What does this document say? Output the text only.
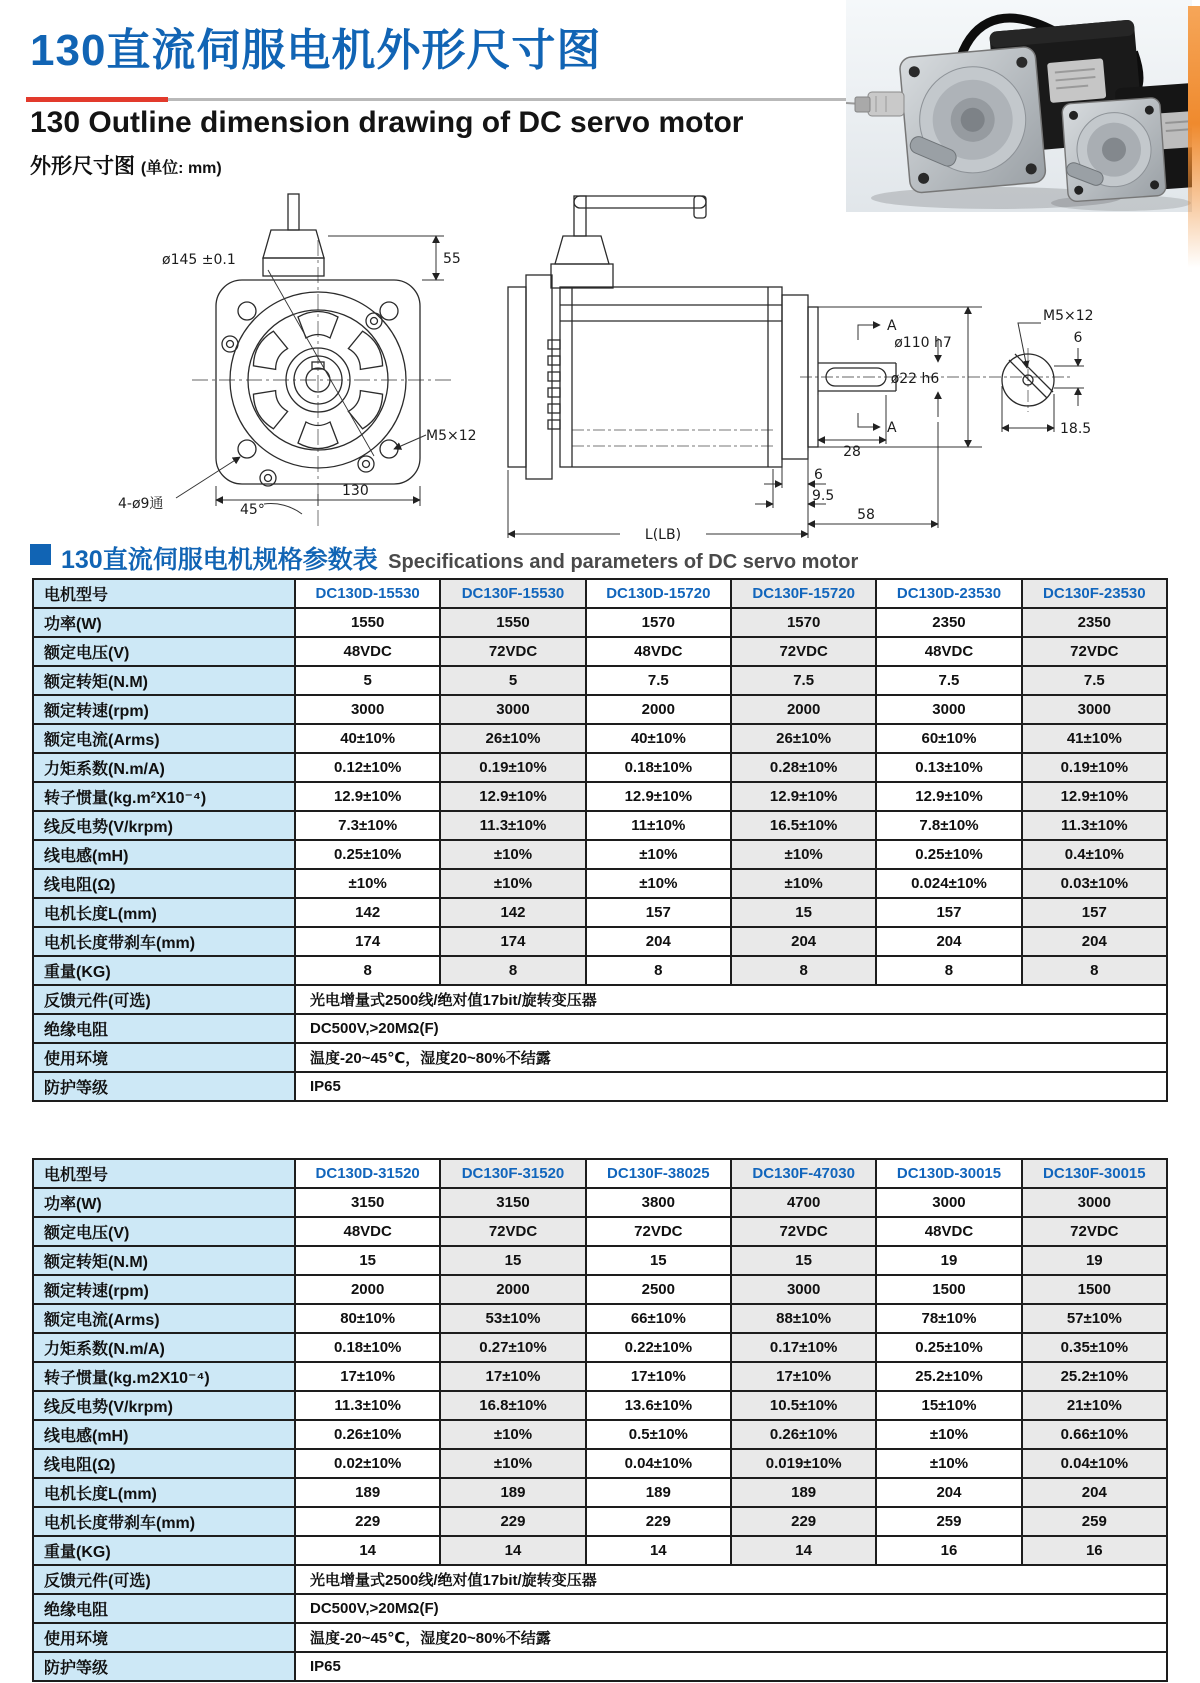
130直流伺服电机外形尺寸图
130 Outline dimension drawing of DC servo motor
外形尺寸图 (单位: mm)
55
ø145 ±0.1
4-ø9通	45°
130
M5×12
ø110 h7
A
A
ø22 h6
28
M5×12
6
18.5
6
9.5
58
L(LB)
130直流伺服电机规格参数表 Specifications and parameters of DC servo motor
电机型号	DC130D-15530	DC130F-15530	DC130D-15720	DC130F-15720	DC130D-23530	DC130F-23530
功率(W)	1550	1550	1570	1570	2350	2350
额定电压(V)	48VDC	72VDC	48VDC	72VDC	48VDC	72VDC
额定转矩(N.M)	5	5	7.5	7.5	7.5	7.5
额定转速(rpm)	3000	3000	2000	2000	3000	3000
额定电流(Arms)	40±10%	26±10%	40±10%	26±10%	60±10%	41±10%
力矩系数(N.m/A)	0.12±10%	0.19±10%	0.18±10%	0.28±10%	0.13±10%	0.19±10%
转子惯量(kg.m²X10⁻⁴)	12.9±10%	12.9±10%	12.9±10%	12.9±10%	12.9±10%	12.9±10%
线反电势(V/krpm)	7.3±10%	11.3±10%	11±10%	16.5±10%	7.8±10%	11.3±10%
线电感(mH)	0.25±10%	±10%	±10%	±10%	0.25±10%	0.4±10%
线电阻(Ω)	±10%	±10%	±10%	±10%	0.024±10%	0.03±10%
电机长度L(mm)	142	142	157	15	157	157
电机长度带刹车(mm)	174	174	204	204	204	204
重量(KG)	8	8	8	8	8	8
反馈元件(可选)	光电增量式2500线/绝对值17bit/旋转变压器					
绝缘电阻	DC500V,>20MΩ(F)					
使用环境	温度-20~45℃，湿度20~80%不结露					
防护等级	IP65					
电机型号	DC130D-31520	DC130F-31520	DC130F-38025	DC130F-47030	DC130D-30015	DC130F-30015
功率(W)	3150	3150	3800	4700	3000	3000
额定电压(V)	48VDC	72VDC	72VDC	72VDC	48VDC	72VDC
额定转矩(N.M)	15	15	15	15	19	19
额定转速(rpm)	2000	2000	2500	3000	1500	1500
额定电流(Arms)	80±10%	53±10%	66±10%	88±10%	78±10%	57±10%
力矩系数(N.m/A)	0.18±10%	0.27±10%	0.22±10%	0.17±10%	0.25±10%	0.35±10%
转子惯量(kg.m2X10⁻⁴)	17±10%	17±10%	17±10%	17±10%	25.2±10%	25.2±10%
线反电势(V/krpm)	11.3±10%	16.8±10%	13.6±10%	10.5±10%	15±10%	21±10%
线电感(mH)	0.26±10%	±10%	0.5±10%	0.26±10%	±10%	0.66±10%
线电阻(Ω)	0.02±10%	±10%	0.04±10%	0.019±10%	±10%	0.04±10%
电机长度L(mm)	189	189	189	189	204	204
电机长度带刹车(mm)	229	229	229	229	259	259
重量(KG)	14	14	14	14	16	16
反馈元件(可选)	光电增量式2500线/绝对值17bit/旋转变压器					
绝缘电阻	DC500V,>20MΩ(F)					
使用环境	温度-20~45℃，湿度20~80%不结露					
防护等级	IP65					
